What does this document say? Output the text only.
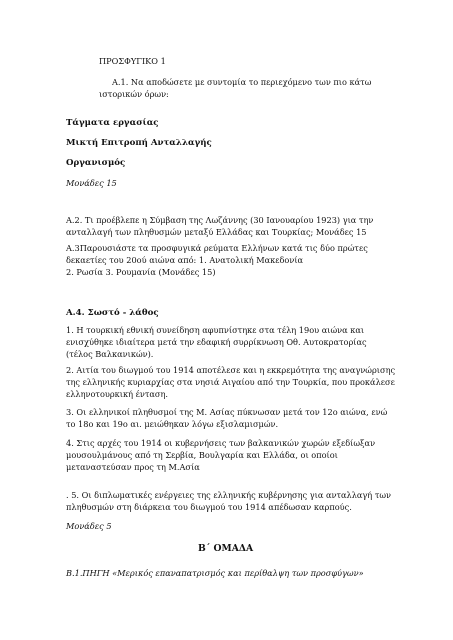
ΠΡΟΣΦΥΓΙΚΟ 1

Α.1. Να αποδώσετε με συντομία το περιεχόμενο των πιο κάτω

ιστορικών όρων:

Τάγματα εργασίας

Μικτή Επιτροπή Ανταλλαγής

Οργανισμός

Μονάδες 15

Α.2. Τι προέβλεπε η Σύμβαση της Λωζάννης (30 Ιανουαρίου 1923) για την

ανταλλαγή των πληθυσμών μεταξύ Ελλάδας και Τουρκίας; Μονάδες 15

Α.3Παρουσιάστε τα προσφυγικά ρεύματα Ελλήνων κατά τις δύο πρώτες

δεκαετίες του 20ού αιώνα από: 1. Ανατολική Μακεδονία

2. Ρωσία 3. Ρουμανία (Μονάδες 15)

Α.4. Σωστό - λάθος

1. Η τουρκική εθνική συνείδηση αφυπνίστηκε στα τέλη 19ου αιώνα και

ενισχύθηκε ιδιαίτερα μετά την εδαφική συρρίκνωση Οθ. Αυτοκρατορίας

(τέλος Βαλκανικών).

2. Αιτία του διωγμού του 1914 αποτέλεσε και η εκκρεμότητα της αναγνώρισης

της ελληνικής κυριαρχίας στα νησιά Αιγαίου από την Τουρκία, που προκάλεσε

ελληνοτουρκική ένταση.

3. Οι ελληνικοί πληθυσμοί της Μ. Ασίας πύκνωσαν μετά τον 12ο αιώνα, ενώ

το 18ο και 19ο αι. μειώθηκαν λόγω εξισλαμισμών.

4. Στις αρχές του 1914 οι κυβερνήσεις των βαλκανικών χωρών εξεδίωξαν

μουσουλμάνους από τη Σερβία, Βουλγαρία και Ελλάδα, οι οποίοι

μεταναστεύσαν προς τη Μ.Ασία

. 5. Οι διπλωματικές ενέργειες της ελληνικής κυβέρνησης για ανταλλαγή των

πληθυσμών στη διάρκεια του διωγμού του 1914 απέδωσαν καρπούς.

Μονάδες 5

Β΄ ΟΜΑΔΑ

Β.1.ΠΗΓΗ «Μερικός επαναπατρισμός και περίθαλψη των προσφύγων»
